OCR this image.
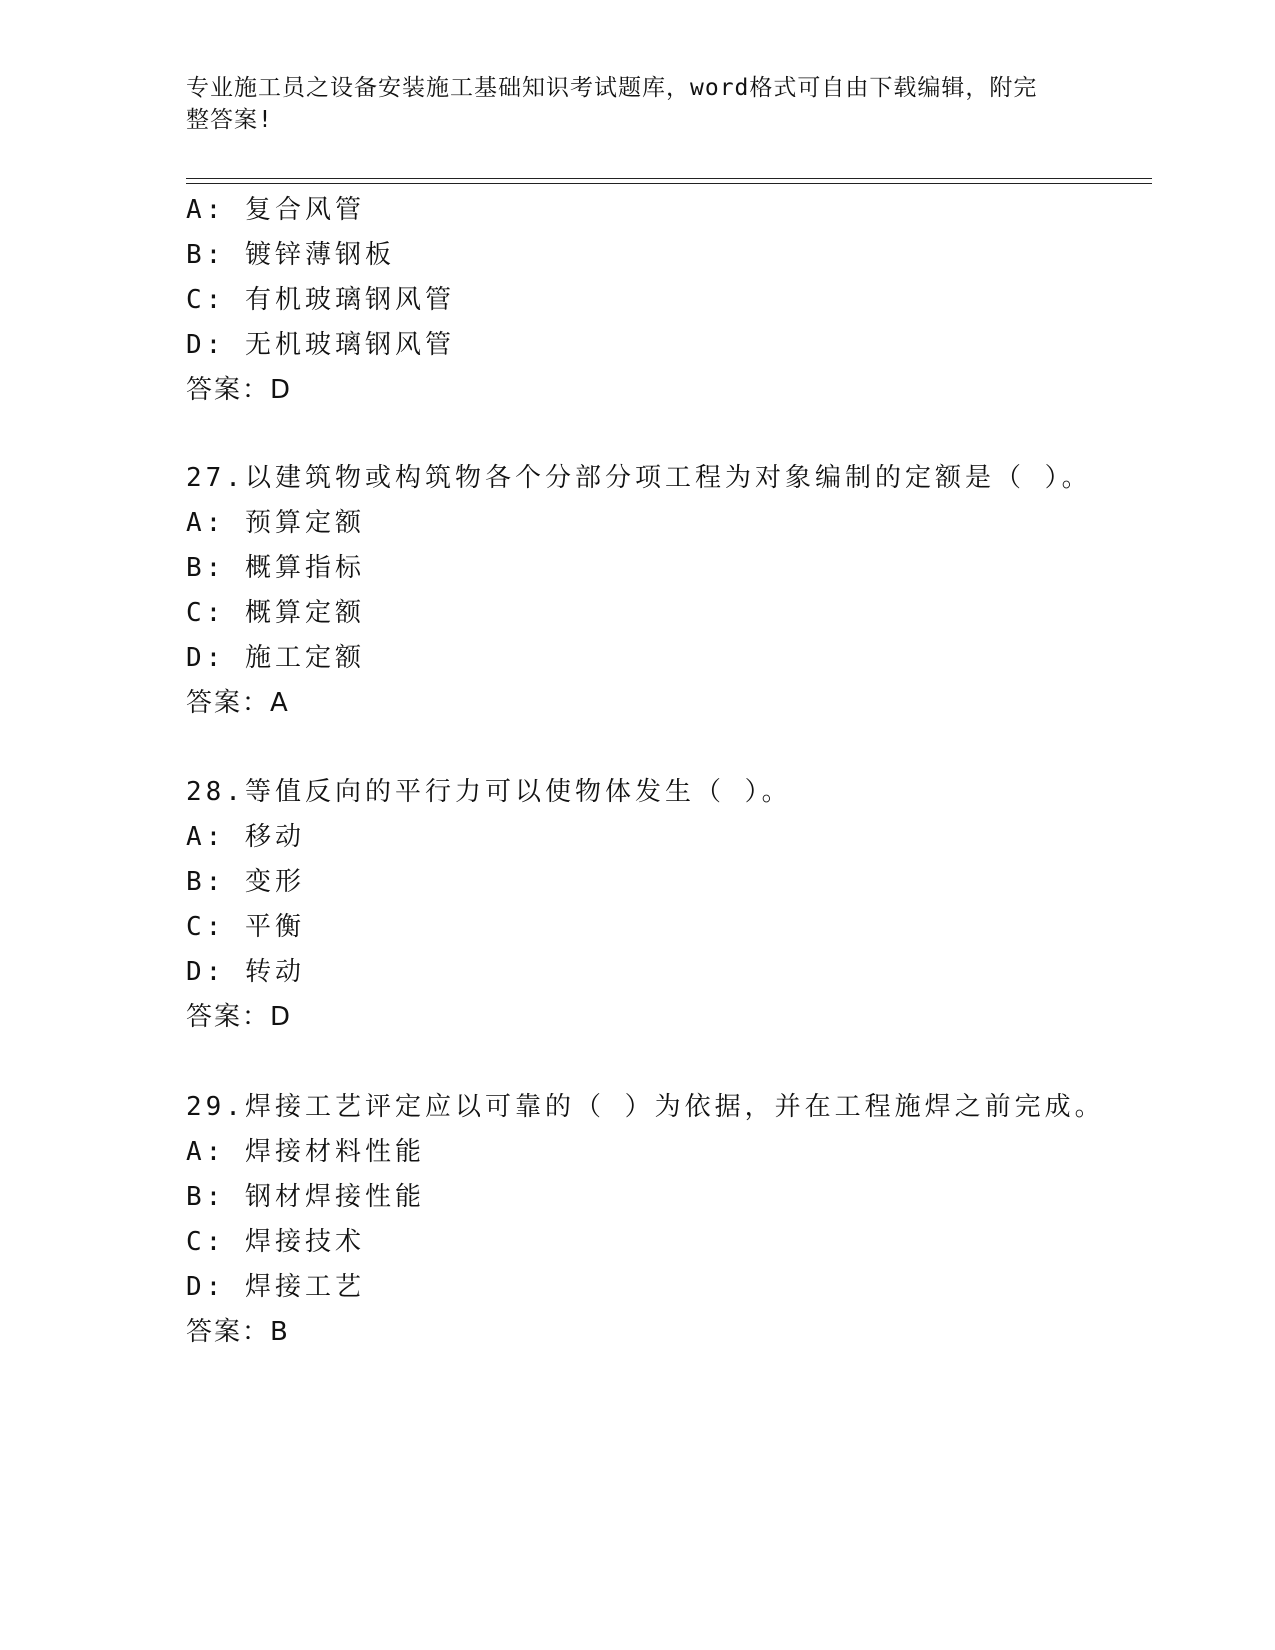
专业施工员之设备安装施工基础知识考试题库，word格式可自由下载编辑，附完
整答案!
A: 复合风管
B: 镀锌薄钢板
C: 有机玻璃钢风管
D: 无机玻璃钢风管
答案：D
27.以建筑物或构筑物各个分部分项工程为对象编制的定额是（ ）。
A: 预算定额
B: 概算指标
C: 概算定额
D: 施工定额
答案：A
28.等值反向的平行力可以使物体发生（ ）。
A: 移动
B: 变形
C: 平衡
D: 转动
答案：D
29.焊接工艺评定应以可靠的（ ）为依据，并在工程施焊之前完成。
A: 焊接材料性能
B: 钢材焊接性能
C: 焊接技术
D: 焊接工艺
答案：B
